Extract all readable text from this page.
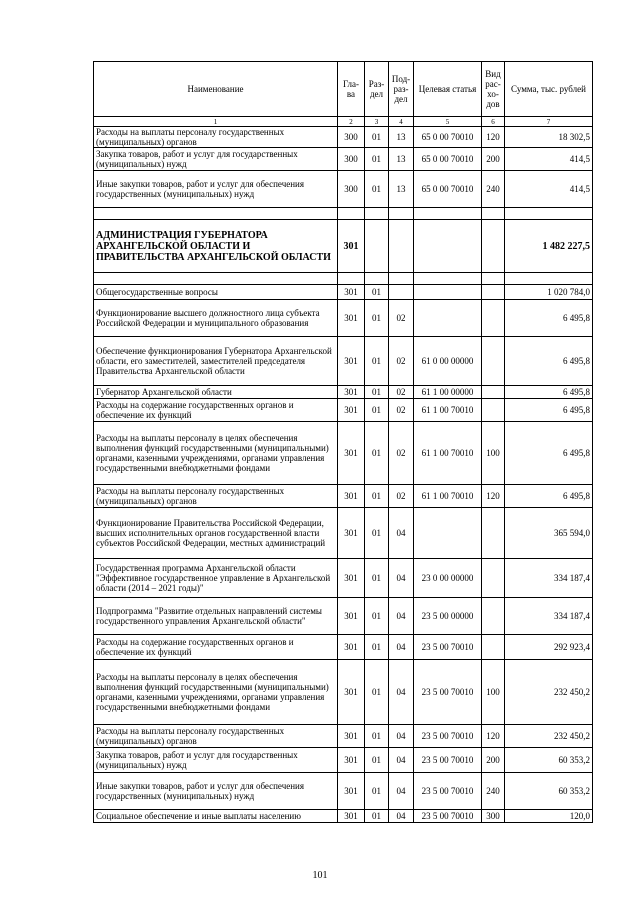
Наименование	Гла-ва	Раз-дел	Под-раз-дел	Целевая статья	Вид рас-хо-дов	Сумма, тыс. рублей
1	2	3	4	5	6	7
Расходы на выплаты персоналу государственных (муниципальных) органов	300	01	13	65 0 00 70010	120	18 302,5
Закупка товаров, работ и услуг для государственных (муниципальных) нужд	300	01	13	65 0 00 70010	200	414,5
Иные закупки товаров, работ и услуг для обеспечения государственных (муниципальных) нужд	300	01	13	65 0 00 70010	240	414,5

АДМИНИСТРАЦИЯ ГУБЕРНАТОРА АРХАНГЕЛЬСКОЙ ОБЛАСТИ И ПРАВИТЕЛЬСТВА АРХАНГЕЛЬСКОЙ ОБЛАСТИ	301					1 482 227,5

Общегосударственные вопросы	301	01				1 020 784,0
Функционирование высшего должностного лица субъекта Российской Федерации и муниципального образования	301	01	02			6 495,8
Обеспечение функционирования Губернатора Архангельской области, его заместителей, заместителей председателя Правительства Архангельской области	301	01	02	61 0 00 00000		6 495,8
Губернатор Архангельской области	301	01	02	61 1 00 00000		6 495,8
Расходы на содержание государственных органов и обеспечение их функций	301	01	02	61 1 00 70010		6 495,8
Расходы на выплаты персоналу в целях обеспечения выполнения функций государственными (муниципальными) органами, казенными учреждениями, органами управления государственными внебюджетными фондами	301	01	02	61 1 00 70010	100	6 495,8
Расходы на выплаты персоналу государственных (муниципальных) органов	301	01	02	61 1 00 70010	120	6 495,8
Функционирование Правительства Российской Федерации, высших исполнительных органов государственной власти субъектов Российской Федерации, местных администраций	301	01	04			365 594,0
Государственная программа Архангельской области "Эффективное государственное управление в Архангельской области (2014 – 2021 годы)"	301	01	04	23 0 00 00000		334 187,4
Подпрограмма "Развитие отдельных направлений системы государственного управления Архангельской области"	301	01	04	23 5 00 00000		334 187,4
Расходы на содержание государственных органов и обеспечение их функций	301	01	04	23 5 00 70010		292 923,4
Расходы на выплаты персоналу в целях обеспечения выполнения функций государственными (муниципальными) органами, казенными учреждениями, органами управления государственными внебюджетными фондами	301	01	04	23 5 00 70010	100	232 450,2
Расходы на выплаты персоналу государственных (муниципальных) органов	301	01	04	23 5 00 70010	120	232 450,2
Закупка товаров, работ и услуг для государственных (муниципальных) нужд	301	01	04	23 5 00 70010	200	60 353,2
Иные закупки товаров, работ и услуг для обеспечения государственных (муниципальных) нужд	301	01	04	23 5 00 70010	240	60 353,2
Социальное обеспечение и иные выплаты населению	301	01	04	23 5 00 70010	300	120,0
101
